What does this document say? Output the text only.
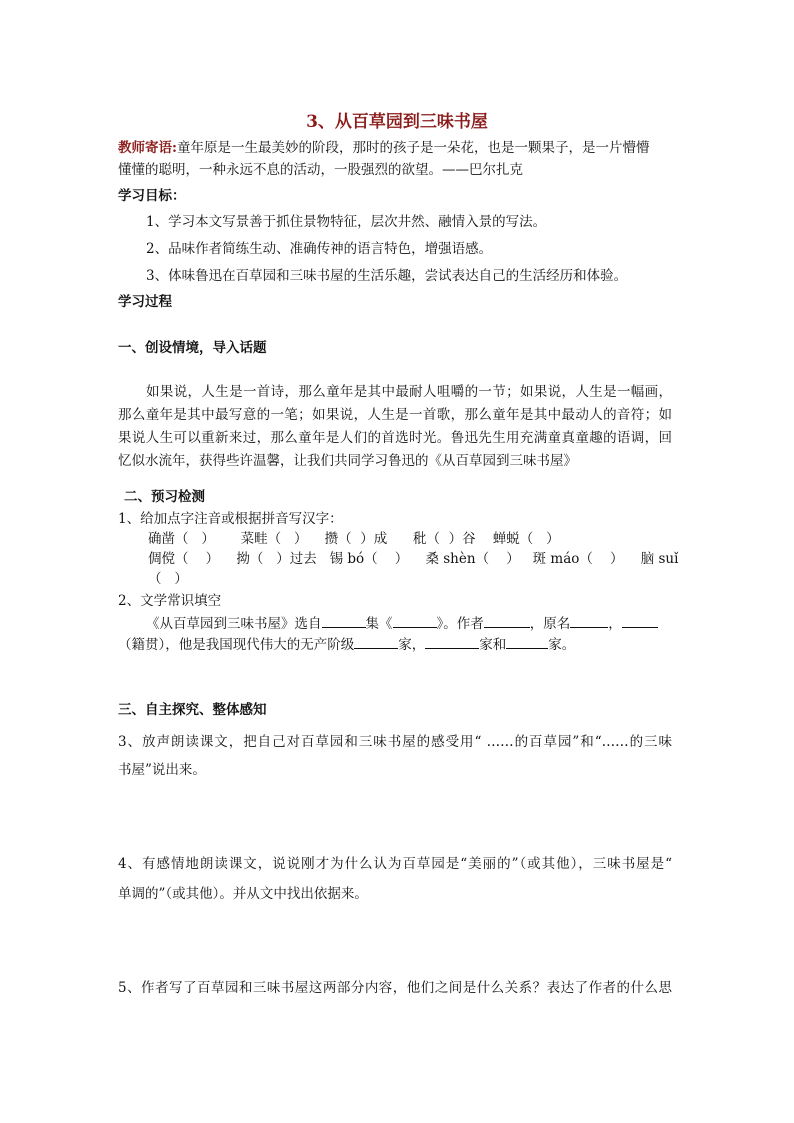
3、从百草园到三味书屋
教师寄语:童年原是一生最美妙的阶段，那时的孩子是一朵花，也是一颗果子，是一片懵懵
懂懂的聪明，一种永远不息的活动，一股强烈的欲望。——巴尔扎克
学习目标：
1、学习本文写景善于抓住景物特征，层次井然、融情入景的写法。
2、品味作者简练生动、准确传神的语言特色，增强语感。
3、体味鲁迅在百草园和三味书屋的生活乐趣，尝试表达自己的生活经历和体验。
学习过程
一、创设情境，导入话题
如果说，人生是一首诗，那么童年是其中最耐人咀嚼的一节；如果说，人生是一幅画，
那么童年是其中最写意的一笔；如果说，人生是一首歌，那么童年是其中最动人的音符；如
果说人生可以重新来过，那么童年是人们的首选时光。鲁迅先生用充满童真童趣的语调，回
忆似水流年，获得些许温馨，让我们共同学习鲁迅的《从百草园到三味书屋》
二、预习检测
1、给加点字注音或根据拼音写汉字：
确凿（   ）      菜畦（   ）    攒（  ）成      秕（  ）谷    蝉蜕（   ）
倜傥（    ）    拗（   ）过去   锡 bó（    ）    桑 shèn（    ）   斑 máo（    ）    脑 suǐ
（   ）
2、文学常识填空
《从百草园到三味书屋》选自	集《	》。作者	，原名	，
（籍贯），他是我国现代伟大的无产阶级	家，	家和	家。
三、自主探究、整体感知
3、放声朗读课文，把自己对百草园和三味书屋的感受用“ ……的百草园”和“……的三味
书屋”说出来。
4、有感情地朗读课文，说说刚才为什么认为百草园是“美丽的”（或其他），三味书屋是“
单调的”（或其他）。并从文中找出依据来。
5、作者写了百草园和三味书屋这两部分内容，他们之间是什么关系？表达了作者的什么思
